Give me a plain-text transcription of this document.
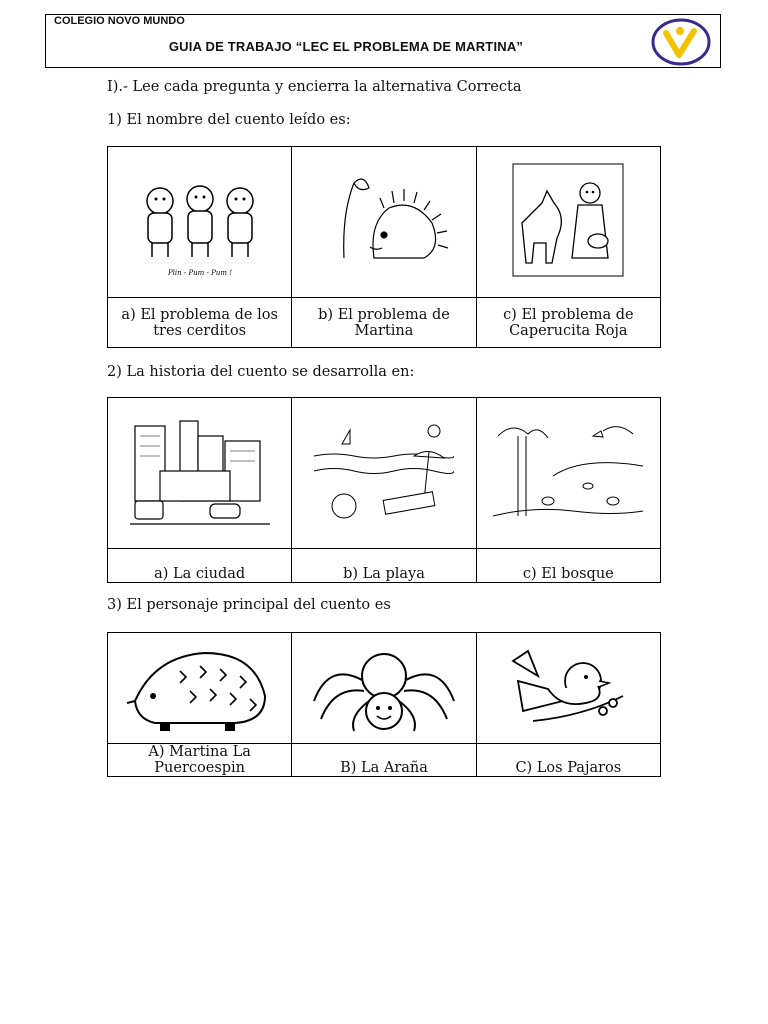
COLEGIO NOVO MUNDO
GUIA DE TRABAJO “LEC EL PROBLEMA DE MARTINA”
I).- Lee cada pregunta y encierra la alternativa Correcta
1) El nombre del cuento leído es:
Plin - Pum - Pum !

a) El problema de los tres cerditos	b) El problema de Martina	c) El problema de Caperucita Roja
2) La historia del cuento se desarrolla en:

a) La ciudad	b) La playa	c) El bosque
3) El personaje principal del cuento es

A) Martina La Puercoespin	B) La Araña	C) Los Pajaros
